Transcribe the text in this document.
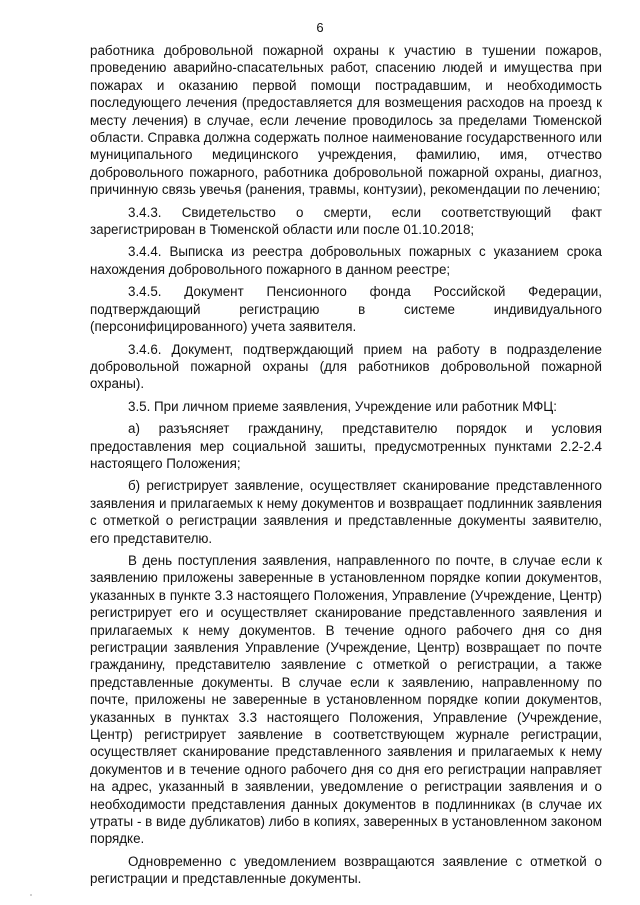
6

работника добровольной пожарной охраны к участию в тушении пожаров, проведению аварийно-спасательных работ, спасению людей и имущества при пожарах и оказанию первой помощи пострадавшим, и необходимость последующего лечения (предоставляется для возмещения расходов на проезд к месту лечения) в случае, если лечение проводилось за пределами Тюменской области. Справка должна содержать полное наименование государственного или муниципального медицинского учреждения, фамилию, имя, отчество добровольного пожарного, работника добровольной пожарной охраны, диагноз, причинную связь увечья (ранения, травмы, контузии), рекомендации по лечению;

3.4.3. Свидетельство о смерти, если соответствующий факт зарегистрирован в Тюменской области или после 01.10.2018;

3.4.4. Выписка из реестра добровольных пожарных с указанием срока нахождения добровольного пожарного в данном реестре;

3.4.5. Документ Пенсионного фонда Российской Федерации, подтверждающий регистрацию в системе индивидуального (персонифицированного) учета заявителя.

3.4.6. Документ, подтверждающий прием на работу в подразделение добровольной пожарной охраны (для работников добровольной пожарной охраны).

3.5. При личном приеме заявления, Учреждение или работник МФЦ:

а) разъясняет гражданину, представителю порядок и условия предоставления мер социальной зашиты, предусмотренных пунктами 2.2-2.4 настоящего Положения;

б) регистрирует заявление, осуществляет сканирование представленного заявления и прилагаемых к нему документов и возвращает подлинник заявления с отметкой о регистрации заявления и представленные документы заявителю, его представителю.

В день поступления заявления, направленного по почте, в случае если к заявлению приложены заверенные в установленном порядке копии документов, указанных в пункте 3.3 настоящего Положения, Управление (Учреждение, Центр) регистрирует его и осуществляет сканирование представленного заявления и прилагаемых к нему документов. В течение одного рабочего дня со дня регистрации заявления Управление (Учреждение, Центр) возвращает по почте гражданину, представителю заявление с отметкой о регистрации, а также представленные документы. В случае если к заявлению, направленному по почте, приложены не заверенные в установленном порядке копии документов, указанных в пунктах 3.3 настоящего Положения, Управление (Учреждение, Центр) регистрирует заявление в соответствующем журнале регистрации, осуществляет сканирование представленного заявления и прилагаемых к нему документов и в течение одного рабочего дня со дня его регистрации направляет на адрес, указанный в заявлении, уведомление о регистрации заявления и о необходимости представления данных документов в подлинниках (в случае их утраты - в виде дубликатов) либо в копиях, заверенных в установленном законом порядке.

Одновременно с уведомлением возвращаются заявление с отметкой о регистрации и представленные документы.
